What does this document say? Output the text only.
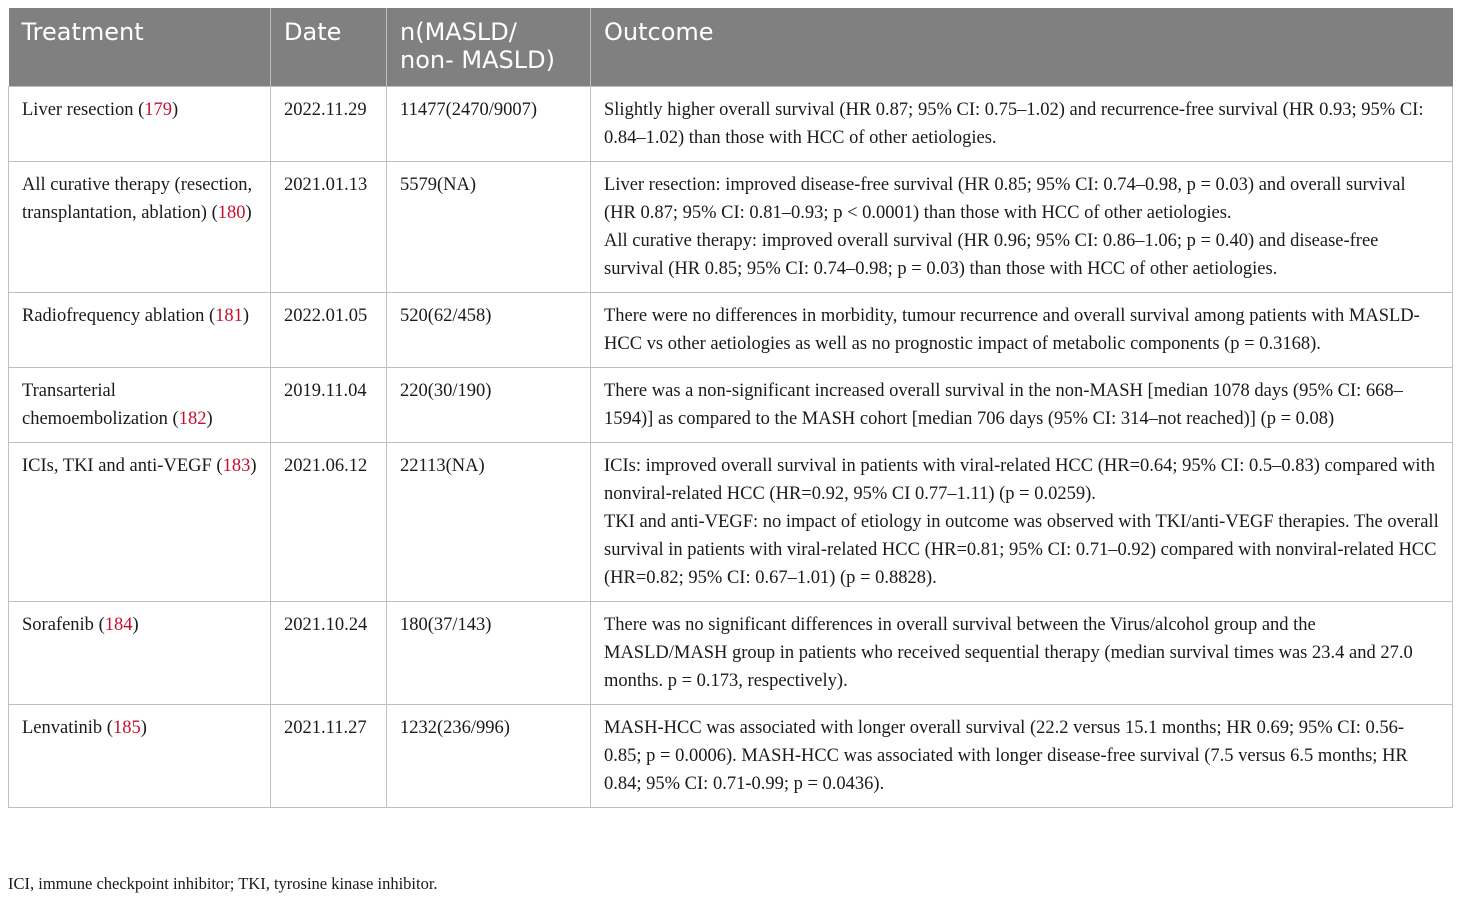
Treatment	Date	n(MASLD/ non- MASLD)	Outcome
Liver resection (179)	2022.11.29	11477(2470/9007)	Slightly higher overall survival (HR 0.87; 95% CI: 0.75–1.02) and recurrence-free survival (HR 0.93; 95% CI: 0.84–1.02) than those with HCC of other aetiologies.

All curative therapy (resection, transplantation, ablation) (180)	2021.01.13	5579(NA)	Liver resection: improved disease-free survival (HR 0.85; 95% CI: 0.74–0.98, p = 0.03) and overall survival (HR 0.87; 95% CI: 0.81–0.93; p < 0.0001) than those with HCC of other aetiologies.
All curative therapy: improved overall survival (HR 0.96; 95% CI: 0.86–1.06; p = 0.40) and disease-free survival (HR 0.85; 95% CI: 0.74–0.98; p = 0.03) than those with HCC of other aetiologies.

Radiofrequency ablation (181)	2022.01.05	520(62/458)	There were no differences in morbidity, tumour recurrence and overall survival among patients with MASLD-HCC vs other aetiologies as well as no prognostic impact of metabolic components (p = 0.3168).

Transarterial chemoembolization (182)	2019.11.04	220(30/190)	There was a non-significant increased overall survival in the non-MASH [median 1078 days (95% CI: 668–1594)] as compared to the MASH cohort [median 706 days (95% CI: 314–not reached)] (p = 0.08)

ICIs, TKI and anti-VEGF (183)	2021.06.12	22113(NA)	ICIs: improved overall survival in patients with viral-related HCC (HR=0.64; 95% CI: 0.5–0.83) compared with nonviral-related HCC (HR=0.92, 95% CI 0.77–1.11) (p = 0.0259).
TKI and anti-VEGF: no impact of etiology in outcome was observed with TKI/anti-VEGF therapies. The overall survival in patients with viral-related HCC (HR=0.81; 95% CI: 0.71–0.92) compared with nonviral-related HCC (HR=0.82; 95% CI: 0.67–1.01) (p = 0.8828).

Sorafenib (184)	2021.10.24	180(37/143)	There was no significant differences in overall survival between the Virus/alcohol group and the MASLD/MASH group in patients who received sequential therapy (median survival times was 23.4 and 27.0 months. p = 0.173, respectively).

Lenvatinib (185)	2021.11.27	1232(236/996)	MASH-HCC was associated with longer overall survival (22.2 versus 15.1 months; HR 0.69; 95% CI: 0.56-0.85; p = 0.0006). MASH-HCC was associated with longer disease-free survival (7.5 versus 6.5 months; HR 0.84; 95% CI: 0.71-0.99; p = 0.0436).
ICI, immune checkpoint inhibitor; TKI, tyrosine kinase inhibitor.
